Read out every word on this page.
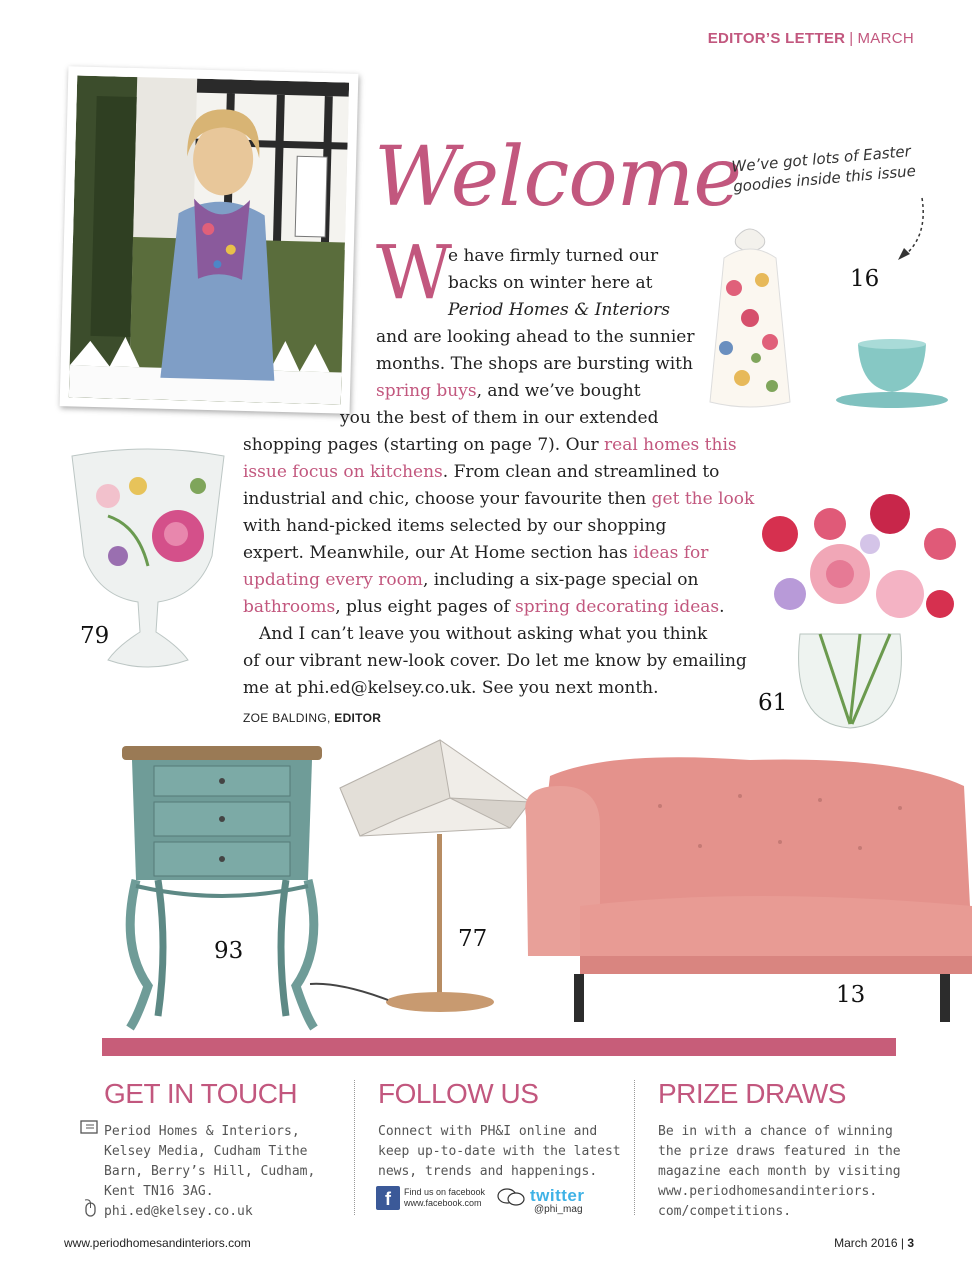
EDITOR’S LETTER | MARCH
Welcome
We’ve got lots of Easter goodies inside this issue
16
W
e have firmly turned our
backs on winter here at
Period Homes & Interiors
and are looking ahead to the sunnier
months. The shops are bursting with
spring buys, and we’ve bought
you the best of them in our extended
shopping pages (starting on page 7). Our real homes this
issue focus on kitchens. From clean and streamlined to
industrial and chic, choose your favourite then get the look
with hand-picked items selected by our shopping
expert. Meanwhile, our At Home section has ideas for
updating every room, including a six-page special on
bathrooms, plus eight pages of spring decorating ideas.
And I can’t leave you without asking what you think
of our vibrant new-look cover. Do let me know by emailing
me at phi.ed@kelsey.co.uk. See you next month.
ZOE BALDING, EDITOR
79
61
93	77
13
GET IN TOUCH

Period Homes & Interiors,
Kelsey Media, Cudham Tithe
Barn, Berry’s Hill, Cudham,
Kent TN16 3AG.
phi.ed@kelsey.co.uk

FOLLOW US

Connect with PH&I online and
keep up-to-date with the latest
news, trends and happenings.

f	Find us on facebook
www.facebook.com	twitter
@phi_mag
PRIZE DRAWS

Be in with a chance of winning
the prize draws featured in the
magazine each month by visiting
www.periodhomesandinteriors.
com/competitions.

www.periodhomesandinteriors.com	March 2016 | 3
